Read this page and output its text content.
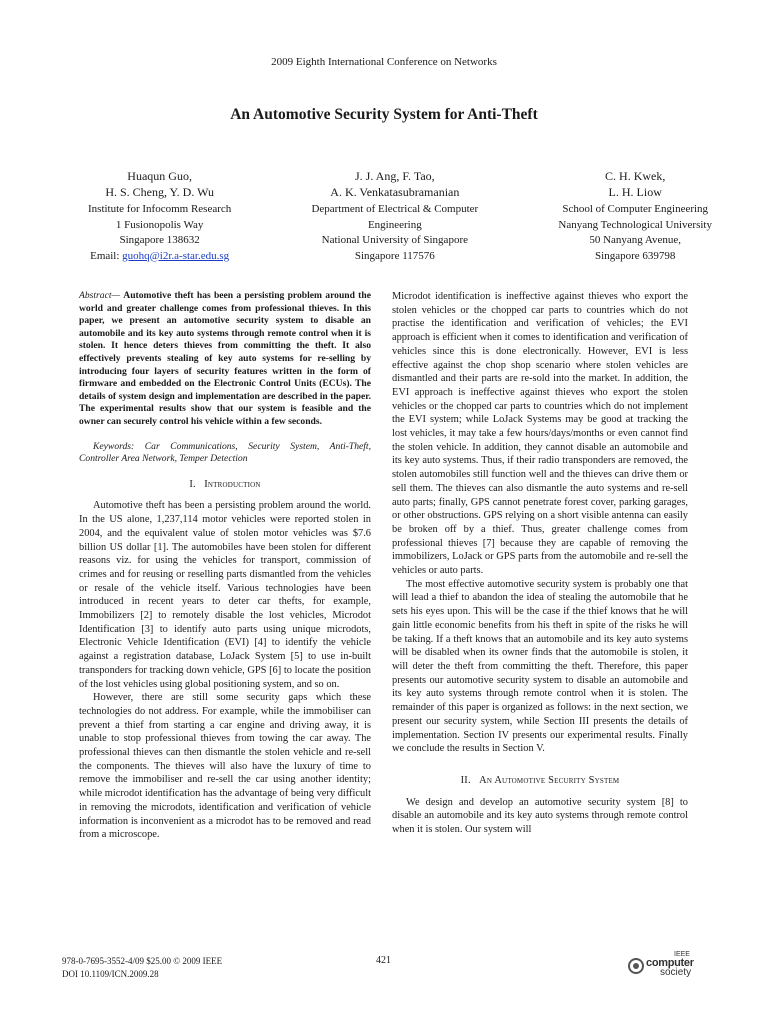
2009 Eighth International Conference on Networks
An Automotive Security System for Anti-Theft
Huaqun Guo,
H. S. Cheng, Y. D. Wu
Institute for Infocomm Research
1 Fusionopolis Way
Singapore 138632
Email: guohq@i2r.a-star.edu.sg
J. J. Ang, F. Tao,
A. K. Venkatasubramanian
Department of Electrical & Computer
Engineering
National University of Singapore
Singapore 117576
C. H. Kwek,
L. H. Liow
School of Computer Engineering
Nanyang Technological University
50 Nanyang Avenue,
Singapore 639798

Abstract— Automotive theft has been a persisting problem around the world and greater challenge comes from professional thieves. In this paper, we present an automotive security system to disable an automobile and its key auto systems through remote control when it is stolen. It hence deters thieves from committing the theft. It also effectively prevents stealing of key auto systems for re-selling by introducing four layers of security features written in the form of firmware and embedded on the Electronic Control Units (ECUs). The details of system design and implementation are described in the paper. The experimental results show that our system is feasible and the owner can securely control his vehicle within a few seconds.

Keywords: Car Communications, Security System, Anti-Theft, Controller Area Network, Temper Detection

I. Introduction

Automotive theft has been a persisting problem around the world. In the US alone, 1,237,114 motor vehicles were reported stolen in 2004, and the equivalent value of stolen motor vehicles was $7.6 billion US dollar [1]. The automobiles have been stolen for different reasons viz. for using the vehicles for transport, commission of crimes and for reusing or reselling parts dismantled from the vehicles or resale of the vehicle itself. Various technologies have been introduced in recent years to deter car thefts, for example, Immobilizers [2] to remotely disable the lost vehicles, Microdot Identification [3] to identify auto parts using unique microdots, Electronic Vehicle Identification (EVI) [4] to identify the vehicle against a registration database, LoJack System [5] to use in-built transponders for tracking down vehicle, GPS [6] to locate the position of the lost vehicles using global positioning system, and so on.

However, there are still some security gaps which these technologies do not address. For example, while the immobiliser can prevent a thief from starting a car engine and driving away, it is unable to stop professional thieves from towing the car away. The professional thieves can then dismantle the stolen vehicle and re-sell the components. The thieves will also have the luxury of time to remove the immobiliser and re-sell the car using another identity; while microdot identification has the advantage of being very difficult in removing the microdots, identification and verification of vehicle information is inconvenient as a microdot has to be removed and read from a microscope.

Microdot identification is ineffective against thieves who export the stolen vehicles or the chopped car parts to countries which do not practise the identification and verification of vehicles; the EVI approach is efficient when it comes to identification and verification of vehicles since this is done electronically. However, EVI is less effective against the chop shop scenario where stolen vehicles are dismantled and their parts are re-sold into the market. In addition, the EVI approach is ineffective against thieves who export the stolen vehicles or the chopped car parts to countries which do not implement the EVI system; while LoJack Systems may be good at tracking the lost vehicles, it may take a few hours/days/months or even cannot find the stolen vehicle. In addition, they cannot disable an automobile and its key auto systems. Thus, if their radio transponders are removed, the stolen automobiles still function well and the thieves can drive them or sell them. The thieves can also dismantle the auto systems and re-sell auto parts; finally, GPS cannot penetrate forest cover, parking garages, or other obstructions. GPS relying on a short visible antenna can easily be broken off by a thief. Thus, greater challenge comes from professional thieves [7] because they are capable of removing the immobilizers, LoJack or GPS parts from the automobile and re-sell the vehicles or auto parts.

The most effective automotive security system is probably one that will lead a thief to abandon the idea of stealing the automobile that he sets his eyes upon. This will be the case if the thief knows that he will gain little economic benefits from his theft in spite of the risks he will be taking. If a theft knows that an automobile and its key auto systems will be disabled when its owner finds that the automobile is stolen, it will deter the theft from committing the theft. Therefore, this paper presents our automotive security system to disable an automobile and its key auto systems through remote control when it is stolen. The remainder of this paper is organized as follows: in the next section, we present our security system, while Section III presents the details of implementation. Section IV presents our experimental results. Finally we conclude the results in Section V.

II. An Automotive Security System

We design and develop an automotive security system [8] to disable an automobile and its key auto systems through remote control when it is stolen. Our system will

978-0-7695-3552-4/09 $25.00 © 2009 IEEE
DOI 10.1109/ICN.2009.28
421
IEEE
computer
society
